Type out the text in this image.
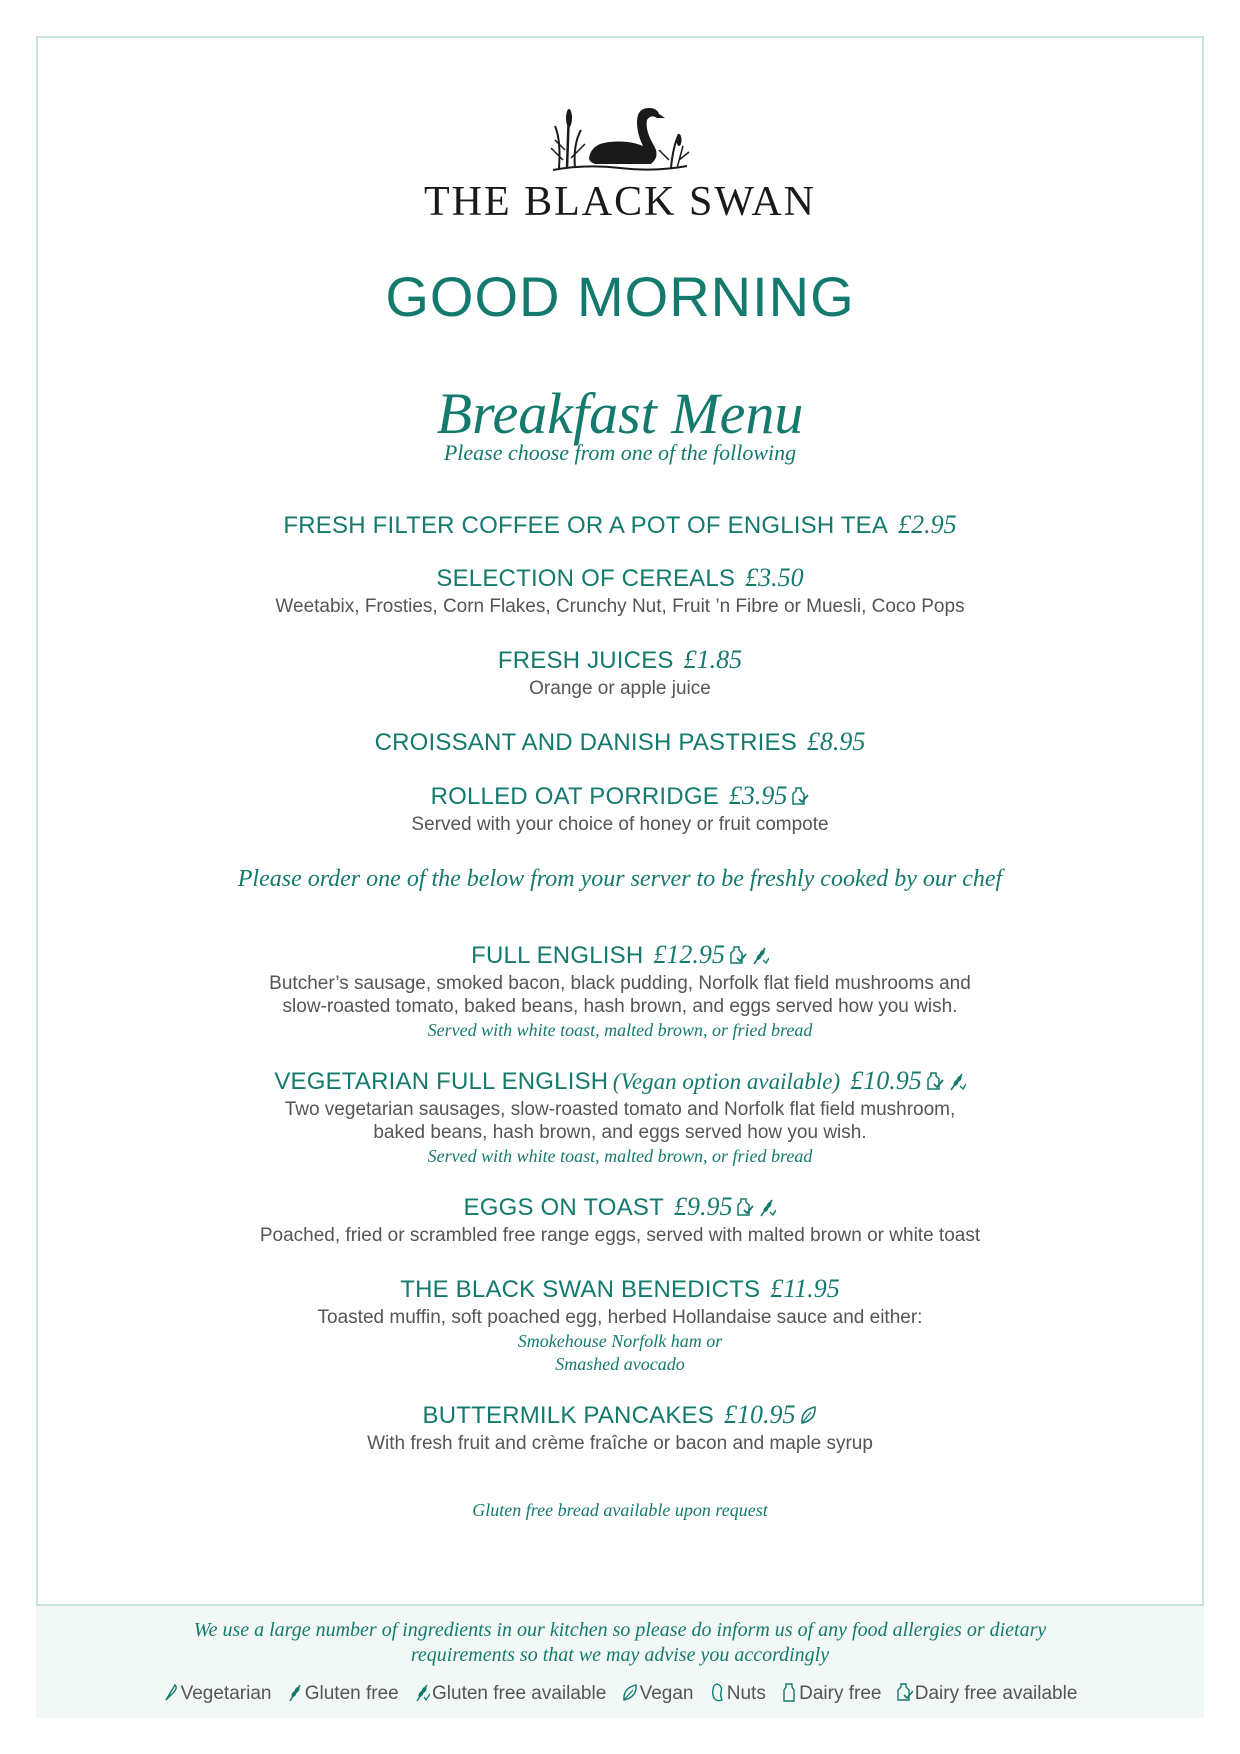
THE BLACK SWAN
GOOD MORNING
Breakfast Menu
Please choose from one of the following
FRESH FILTER COFFEE OR A POT OF ENGLISH TEA £2.95
SELECTION OF CEREALS £3.50
Weetabix, Frosties, Corn Flakes, Crunchy Nut, Fruit ’n Fibre or Muesli, Coco Pops
FRESH JUICES £1.85
Orange or apple juice
CROISSANT AND DANISH PASTRIES £8.95
ROLLED OAT PORRIDGE £3.95
Served with your choice of honey or fruit compote
Please order one of the below from your server to be freshly cooked by our chef
FULL ENGLISH £12.95
Butcher’s sausage, smoked bacon, black pudding, Norfolk flat field mushrooms and
slow-roasted tomato, baked beans, hash brown, and eggs served how you wish.
Served with white toast, malted brown, or fried bread
VEGETARIAN FULL ENGLISH (Vegan option available) £10.95
Two vegetarian sausages, slow-roasted tomato and Norfolk flat field mushroom,
baked beans, hash brown, and eggs served how you wish.
Served with white toast, malted brown, or fried bread
EGGS ON TOAST £9.95
Poached, fried or scrambled free range eggs, served with malted brown or white toast
THE BLACK SWAN BENEDICTS £11.95
Toasted muffin, soft poached egg, herbed Hollandaise sauce and either:
Smokehouse Norfolk ham or
Smashed avocado
BUTTERMILK PANCAKES £10.95
With fresh fruit and crème fraîche or bacon and maple syrup
Gluten free bread available upon request
We use a large number of ingredients in our kitchen so please do inform us of any food allergies or dietary
requirements so that we may advise you accordingly
Vegetarian Gluten free Gluten free available Vegan Nuts Dairy free Dairy free available
